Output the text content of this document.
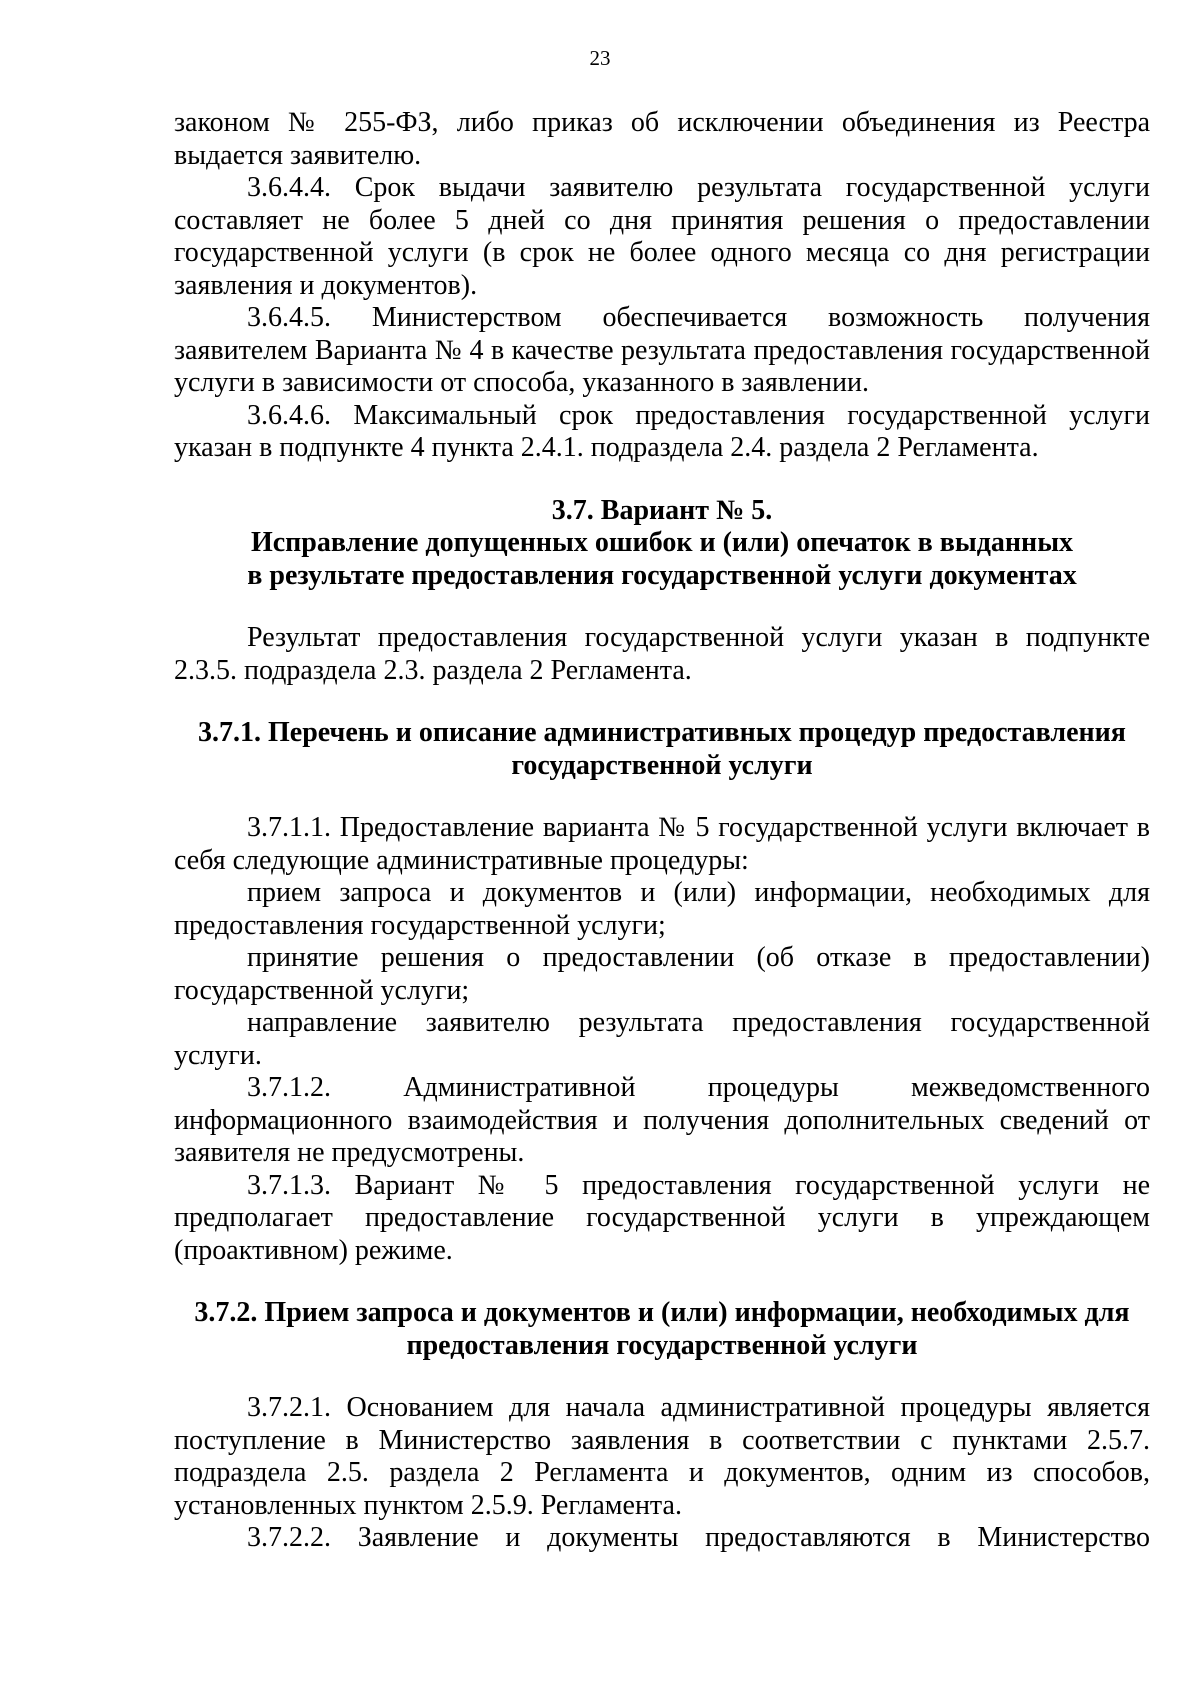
23

законом № 255-ФЗ, либо приказ об исключении объединения из Реестра выдается заявителю.

3.6.4.4. Срок выдачи заявителю результата государственной услуги составляет не более 5 дней со дня принятия решения о предоставлении государственной услуги (в срок не более одного месяца со дня регистрации заявления и документов).

3.6.4.5. Министерством обеспечивается возможность получения заявителем Варианта № 4 в качестве результата предоставления государственной услуги в зависимости от способа, указанного в заявлении.

3.6.4.6. Максимальный срок предоставления государственной услуги указан в подпункте 4 пункта 2.4.1. подраздела 2.4. раздела 2 Регламента.

3.7. Вариант № 5.

Исправление допущенных ошибок и (или) опечаток в выданных

в результате предоставления государственной услуги документах

Результат предоставления государственной услуги указан в подпункте 2.3.5. подраздела 2.3. раздела 2 Регламента.

3.7.1. Перечень и описание административных процедур предоставления государственной услуги

3.7.1.1. Предоставление варианта № 5 государственной услуги включает в себя следующие административные процедуры:

прием запроса и документов и (или) информации, необходимых для предоставления государственной услуги;

принятие решения о предоставлении (об отказе в предоставлении) государственной услуги;

направление заявителю результата предоставления государственной услуги.

3.7.1.2. Административной процедуры межведомственного информационного взаимодействия и получения дополнительных сведений от заявителя не предусмотрены.

3.7.1.3. Вариант № 5 предоставления государственной услуги не предполагает предоставление государственной услуги в упреждающем (проактивном) режиме.

3.7.2. Прием запроса и документов и (или) информации, необходимых для предоставления государственной услуги

3.7.2.1. Основанием для начала административной процедуры является поступление в Министерство заявления в соответствии с пунктами 2.5.7. подраздела 2.5. раздела 2 Регламента и документов, одним из способов, установленных пунктом 2.5.9. Регламента.

3.7.2.2. Заявление и документы предоставляются в Министерство
